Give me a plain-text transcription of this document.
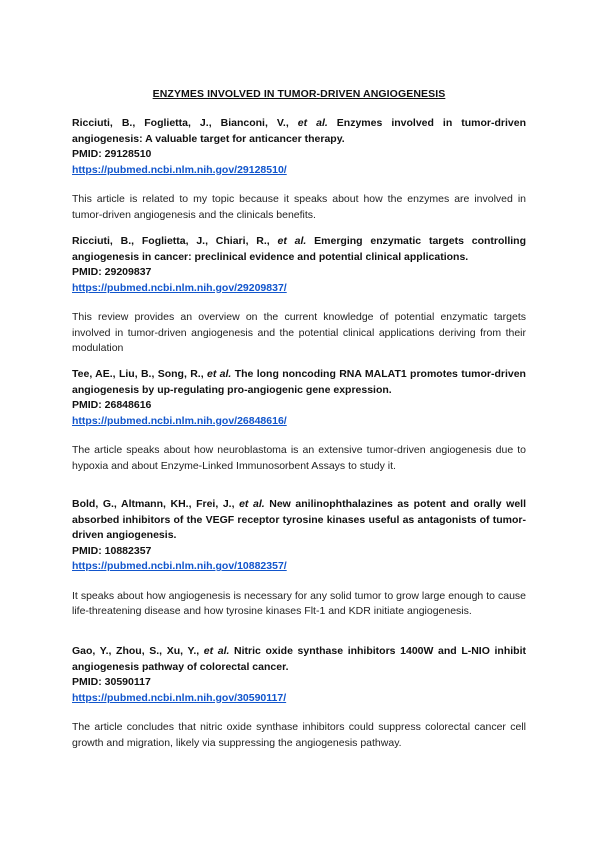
ENZYMES INVOLVED IN TUMOR-DRIVEN ANGIOGENESIS

Ricciuti, B., Foglietta, J., Bianconi, V., et al. Enzymes involved in tumor-driven angiogenesis: A valuable target for anticancer therapy.

PMID: 29128510

https://pubmed.ncbi.nlm.nih.gov/29128510/

This article is related to my topic because it speaks about how the enzymes are involved in tumor-driven angiogenesis and the clinicals benefits.

Ricciuti, B., Foglietta, J., Chiari, R., et al. Emerging enzymatic targets controlling angiogenesis in cancer: preclinical evidence and potential clinical applications.

PMID: 29209837

https://pubmed.ncbi.nlm.nih.gov/29209837/

This review provides an overview on the current knowledge of potential enzymatic targets involved in tumor-driven angiogenesis and the potential clinical applications deriving from their modulation

Tee, AE., Liu, B., Song, R., et al. The long noncoding RNA MALAT1 promotes tumor-driven angiogenesis by up-regulating pro-angiogenic gene expression.

PMID: 26848616

https://pubmed.ncbi.nlm.nih.gov/26848616/

The article speaks about how neuroblastoma is an extensive tumor-driven angiogenesis due to hypoxia and about Enzyme-Linked Immunosorbent Assays to study it.

Bold, G., Altmann, KH., Frei, J., et al. New anilinophthalazines as potent and orally well absorbed inhibitors of the VEGF receptor tyrosine kinases useful as antagonists of tumor-driven angiogenesis.

PMID: 10882357

https://pubmed.ncbi.nlm.nih.gov/10882357/

It speaks about how angiogenesis is necessary for any solid tumor to grow large enough to cause life-threatening disease and how tyrosine kinases Flt-1 and KDR initiate angiogenesis.

Gao, Y., Zhou, S., Xu, Y., et al. Nitric oxide synthase inhibitors 1400W and L-NIO inhibit angiogenesis pathway of colorectal cancer.

PMID: 30590117

https://pubmed.ncbi.nlm.nih.gov/30590117/

The article concludes that nitric oxide synthase inhibitors could suppress colorectal cancer cell growth and migration, likely via suppressing the angiogenesis pathway.
